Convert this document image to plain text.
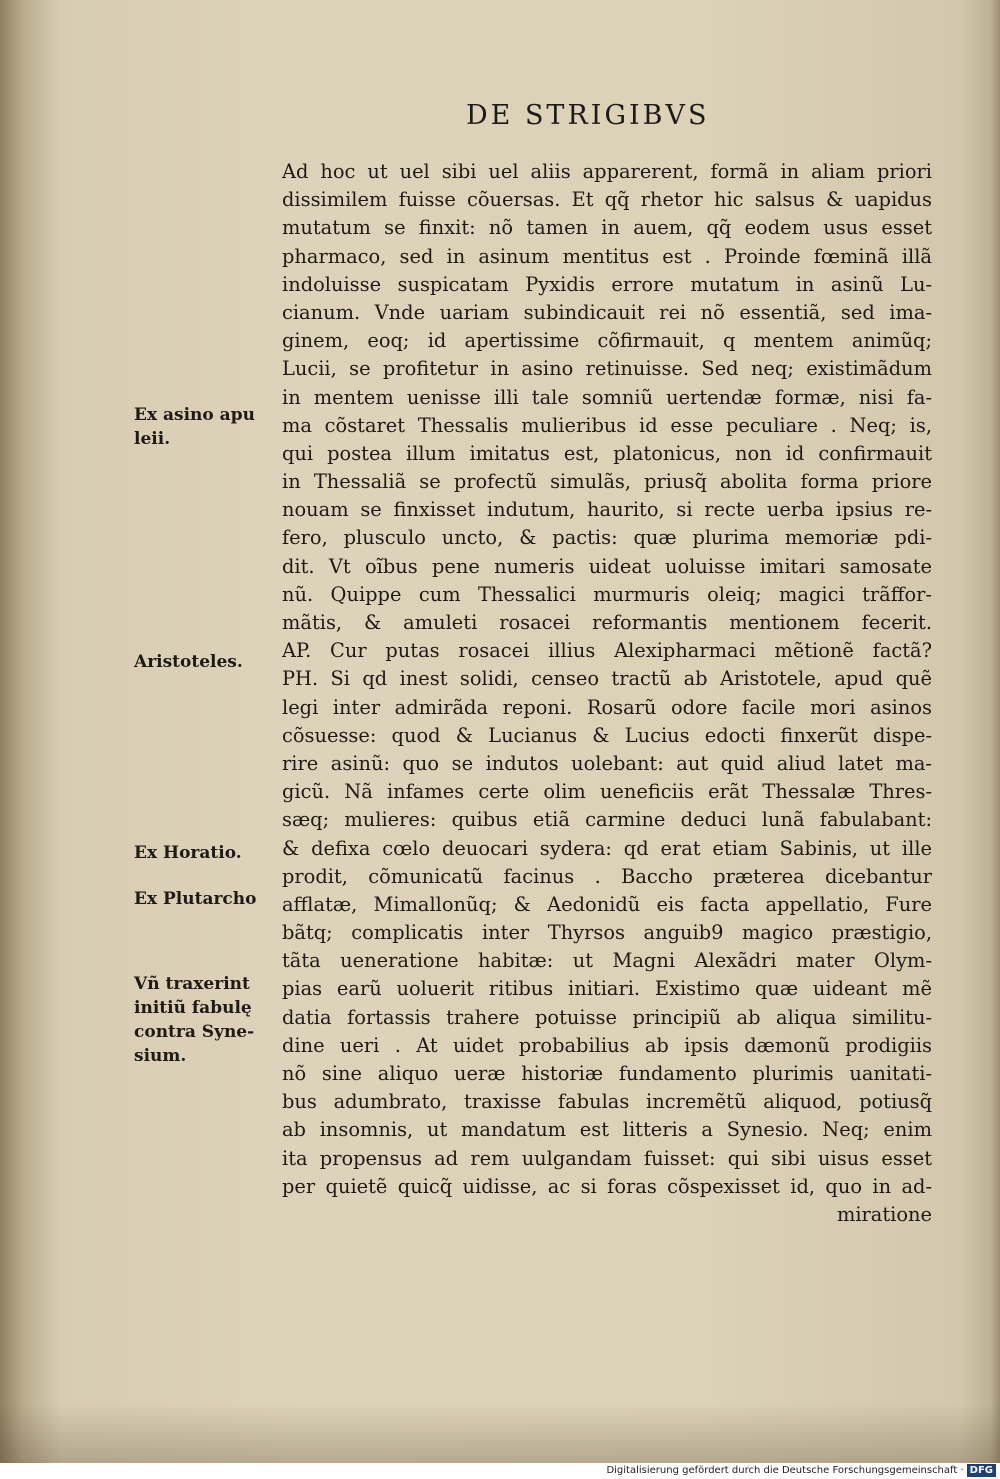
DE STRIGIBVS
Ad hoc ut uel sibi uel aliis apparerent, formã in aliam priori
dissimilem fuisse cõuersas. Et qq̃ rhetor hic salsus & uapidus
mutatum se finxit: nõ tamen in auem, qq̃ eodem usus esset
pharmaco, sed in asinum mentitus est . Proinde fœminã illã
indoluisse suspicatam Pyxidis errore mutatum in asinũ Lu-
cianum. Vnde uariam subindicauit rei nõ essentiã, sed ima-
ginem, eoq; id apertissime cõfirmauit, q mentem animũq;
Lucii, se profitetur in asino retinuisse. Sed neq; existimãdum
in mentem uenisse illi tale somniũ uertendæ formæ, nisi fa-
ma cõstaret Thessalis mulieribus id esse peculiare . Neq; is,
qui postea illum imitatus est, platonicus, non id confirmauit
in Thessaliã se profectũ simulãs, priusq̃ abolita forma priore
nouam se finxisset indutum, haurito, si recte uerba ipsius re-
fero, plusculo uncto, & pactis: quæ plurima memoriæ pdi-
dit. Vt oĩbus pene numeris uideat uoluisse imitari samosate
nũ. Quippe cum Thessalici murmuris oleiq; magici trãffor-
mãtis, & amuleti rosacei reformantis mentionem fecerit.
AP. Cur putas rosacei illius Alexipharmaci mẽtionẽ factã?
PH. Si qd inest solidi, censeo tractũ ab Aristotele, apud quẽ
legi inter admirãda reponi. Rosarũ odore facile mori asinos
cõsuesse: quod & Lucianus & Lucius edocti finxerũt dispe-
rire asinũ: quo se indutos uolebant: aut quid aliud latet ma-
gicũ. Nã infames certe olim ueneficiis erãt Thessalæ Thres-
sæq; mulieres: quibus etiã carmine deduci lunã fabulabant:
& defixa cœlo deuocari sydera: qd erat etiam Sabinis, ut ille
prodit, cõmunicatũ facinus . Baccho præterea dicebantur
afflatæ, Mimallonũq; & Aedonidũ eis facta appellatio, Fure
bãtq; complicatis inter Thyrsos anguib9 magico præstigio,
tãta ueneratione habitæ: ut Magni Alexãdri mater Olym-
pias earũ uoluerit ritibus initiari. Existimo quæ uideant mẽ
datia fortassis trahere potuisse principiũ ab aliqua similitu-
dine ueri . At uidet probabilius ab ipsis dæmonũ prodigiis
nõ sine aliquo ueræ historiæ fundamento plurimis uanitati-
bus adumbrato, traxisse fabulas incremẽtũ aliquod, potiusq̃
ab insomnis, ut mandatum est litteris a Synesio. Neq; enim
ita propensus ad rem uulgandam fuisset: qui sibi uisus esset
per quietẽ quicq̃ uidisse, ac si foras cõspexisset id, quo in ad-
miratione
Ex asino apu
leii.
Aristoteles.
Ex Horatio.
Ex Plutarcho
Vñ traxerint
initiũ fabulę
contra Syne-
sium.
Digitalisierung gefördert durch die Deutsche Forschungsgemeinschaft · DFG
